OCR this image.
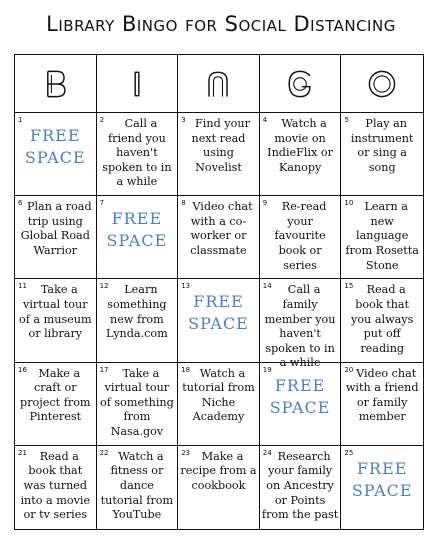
Library Bingo for Social Distancing
1
FREE SPACE
2	Call a friend you haven't spoken to in a while
3 Find your next read using Novelist
4	Watch a movie on IndieFlix or Kanopy
5	Play an instrument or sing a song
6 Plan a road trip using Global Road Warrior
7
FREE SPACE
8 Video chat with a co-worker or classmate
9	Re-read your favourite book or series
10 Learn a new language from Rosetta Stone
11	Take a virtual tour of a museum or library
12	Learn something new from Lynda.com
13
FREE SPACE
14	Call a family member you haven't spoken to in a while
15	Read a book that you always put off reading
16	Make a craft or project from Pinterest
17	Take a virtual tour of something from Nasa.gov
18 Watch a tutorial from Niche Academy
19
FREE SPACE
20 Video chat with a friend or family member
21	Read a book that was turned into a movie or tv series
22 Watch a fitness or dance tutorial from YouTube
23	Make a recipe from a cookbook
24 Research your family on Ancestry or Points from the past
25
FREE SPACE
